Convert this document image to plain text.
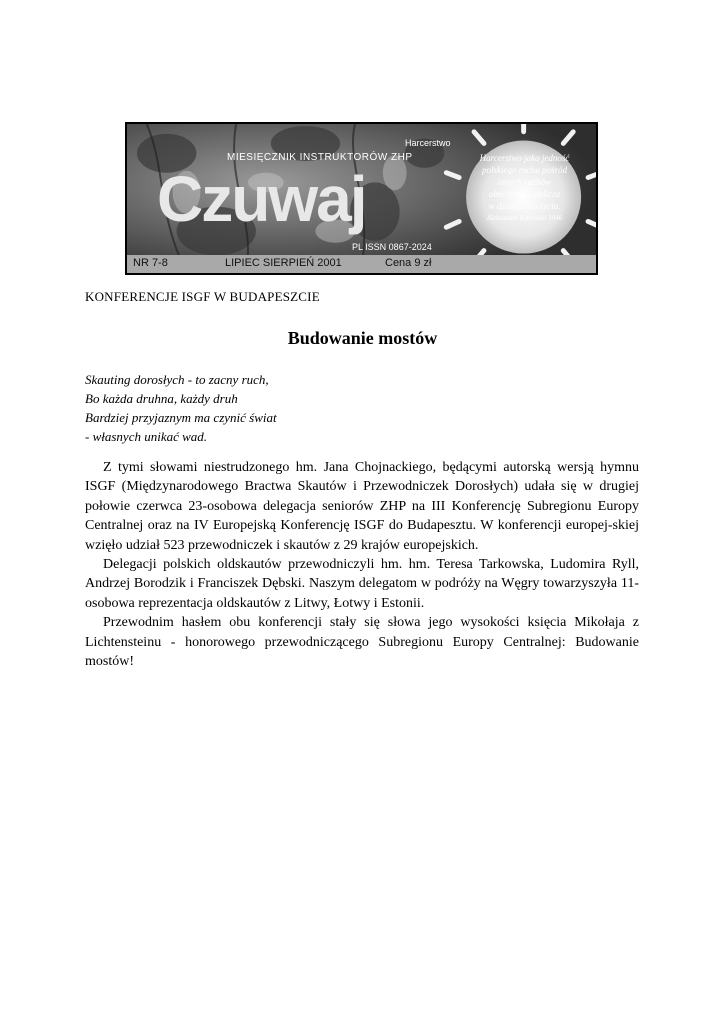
Harcerstwo
MIESIĘCZNIK INSTRUKTORÓW ZHP
Czuwaj
Harcerstwo jako jedność
polskiego ruchu pośród
innych ruchów
obecnych ... oblicza
w dzisiejszym życiu.
Aleksander Kamiński 1946
PL ISSN 0867-2024
NR 7-8	LIPIEC SIERPIEŃ 2001	Cena 9 zł
KONFERENCJE ISGF W BUDAPESZCIE
Budowanie mostów
Skauting dorosłych - to zacny ruch,
Bo każda druhna, każdy druh
Bardziej przyjaznym ma czynić świat
- własnych unikać wad.

Z tymi słowami niestrudzonego hm. Jana Chojnackiego, będącymi autorską wersją hymnu ISGF (Międzynarodowego Bractwa Skautów i Przewodniczek Dorosłych) udała się w drugiej połowie czerwca 23-osobowa delegacja seniorów ZHP na III Konferencję Subregionu Europy Centralnej oraz na IV Europejską Konferencję ISGF do Budapesztu. W konferencji europej-skiej wzięło udział 523 przewodniczek i skautów z 29 krajów europejskich.

Delegacji polskich oldskautów przewodniczyli hm. hm. Teresa Tarkowska, Ludomira Ryll, Andrzej Borodzik i Franciszek Dębski. Naszym delegatom w podróży na Węgry towarzyszyła 11-osobowa reprezentacja oldskautów z Litwy, Łotwy i Estonii.

Przewodnim hasłem obu konferencji stały się słowa jego wysokości księcia Mikołaja z Lichtensteinu - honorowego przewodniczącego Subregionu Europy Centralnej: Budowanie mostów!
